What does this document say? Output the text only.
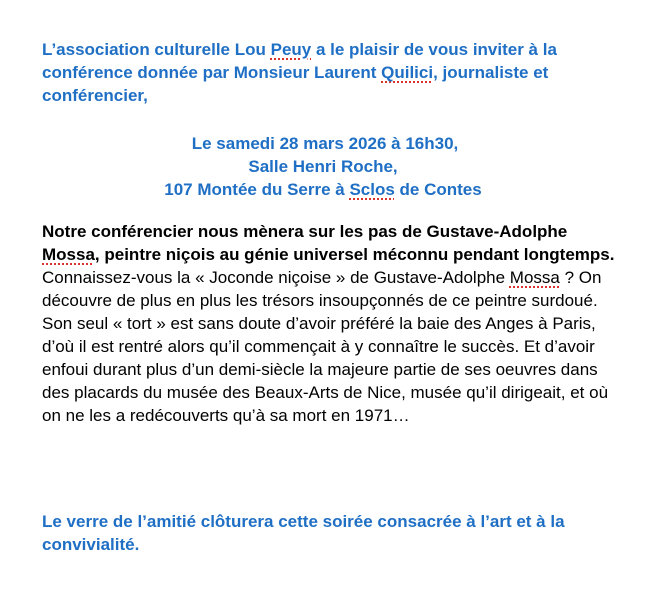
L’association culturelle Lou Peuy a le plaisir de vous inviter à la conférence donnée par Monsieur Laurent Quilici, journaliste et conférencier,
Le samedi 28 mars 2026 à 16h30,
Salle Henri Roche,
107 Montée du Serre à Sclos de Contes

Notre conférencier nous mènera sur les pas de Gustave-Adolphe Mossa, peintre niçois au génie universel méconnu pendant longtemps.

Connaissez-vous la « Joconde niçoise » de Gustave-Adolphe Mossa ? On découvre de plus en plus les trésors insoupçonnés de ce peintre surdoué.

Son seul « tort » est sans doute d’avoir préféré la baie des Anges à Paris, d’où il est rentré alors qu’il commençait à y connaître le succès. Et d’avoir enfoui durant plus d’un demi-siècle la majeure partie de ses oeuvres dans des placards du musée des Beaux-Arts de Nice, musée qu’il dirigeait, et où on ne les a redécouverts qu’à sa mort en 1971…

Le verre de l’amitié clôturera cette soirée consacrée à l’art et à la convivialité.
